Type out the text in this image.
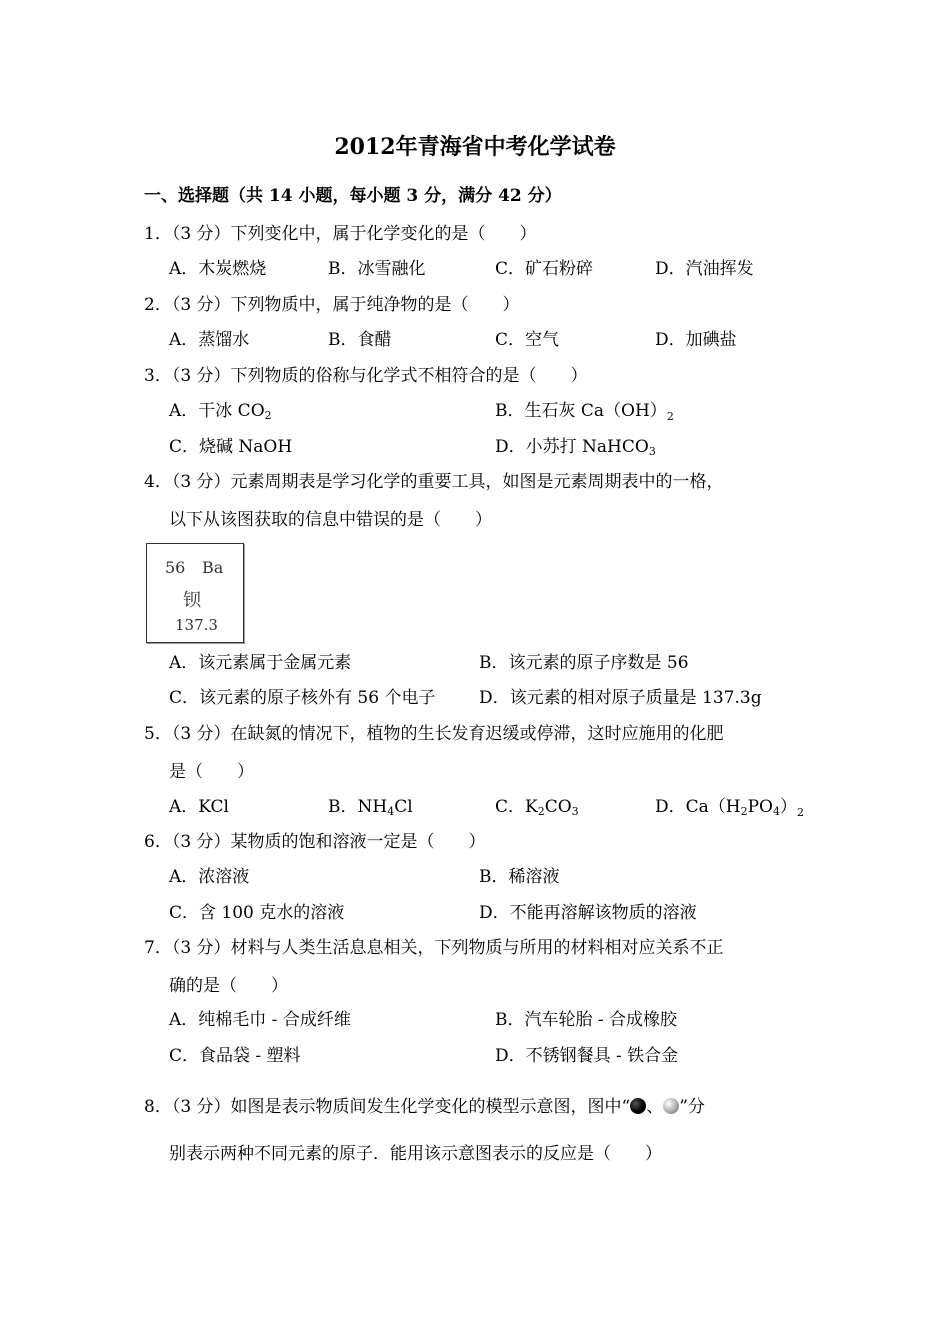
2012年青海省中考化学试卷
一、选择题（共 14 小题，每小题 3 分，满分 42 分）
1．（3 分）下列变化中，属于化学变化的是（　　）
A．木炭燃烧	B．冰雪融化	C．矿石粉碎	D．汽油挥发
2．（3 分）下列物质中，属于纯净物的是（　　）
A．蒸馏水	B．食醋	C．空气	D．加碘盐
3．（3 分）下列物质的俗称与化学式不相符合的是（　　）
A．干冰 $CO_2$	B．生石灰 $Ca(OH)_2$
C．烧碱 NaOH	D．小苏打 NaHCO$_3$
4．（3 分）元素周期表是学习化学的重要工具，如图是元素周期表中的一格，
以下从该图获取的信息中错误的是（　　）
56 Ba
钡
137.3
A．该元素属于金属元素	B．该元素的原子序数是 56
C．该元素的原子核外有 56 个电子	D．该元素的相对原子质量是 137.3g
5．（3 分）在缺氮的情况下，植物的生长发育迟缓或停滞，这时应施用的化肥
是（　　）
A．KCl	B．$NH_4Cl$	C．$K_2CO_3$	D．$Ca(H_2PO_4)_2$
6．（3 分）某物质的饱和溶液一定是（　　）
A．浓溶液	B．稀溶液
C．含 100 克水的溶液	D．不能再溶解该物质的溶液
7．（3 分）材料与人类生活息息相关，下列物质与所用的材料相对应关系不正
确的是（　　）
A．纯棉毛巾 - 合成纤维	B．汽车轮胎 - 合成橡胶
C．食品袋 - 塑料	D．不锈钢餐具 - 铁合金
8．（3 分）如图是表示物质间发生化学变化的模型示意图，图中“ 、 ”分
别表示两种不同元素的原子．能用该示意图表示的反应是（　　）
